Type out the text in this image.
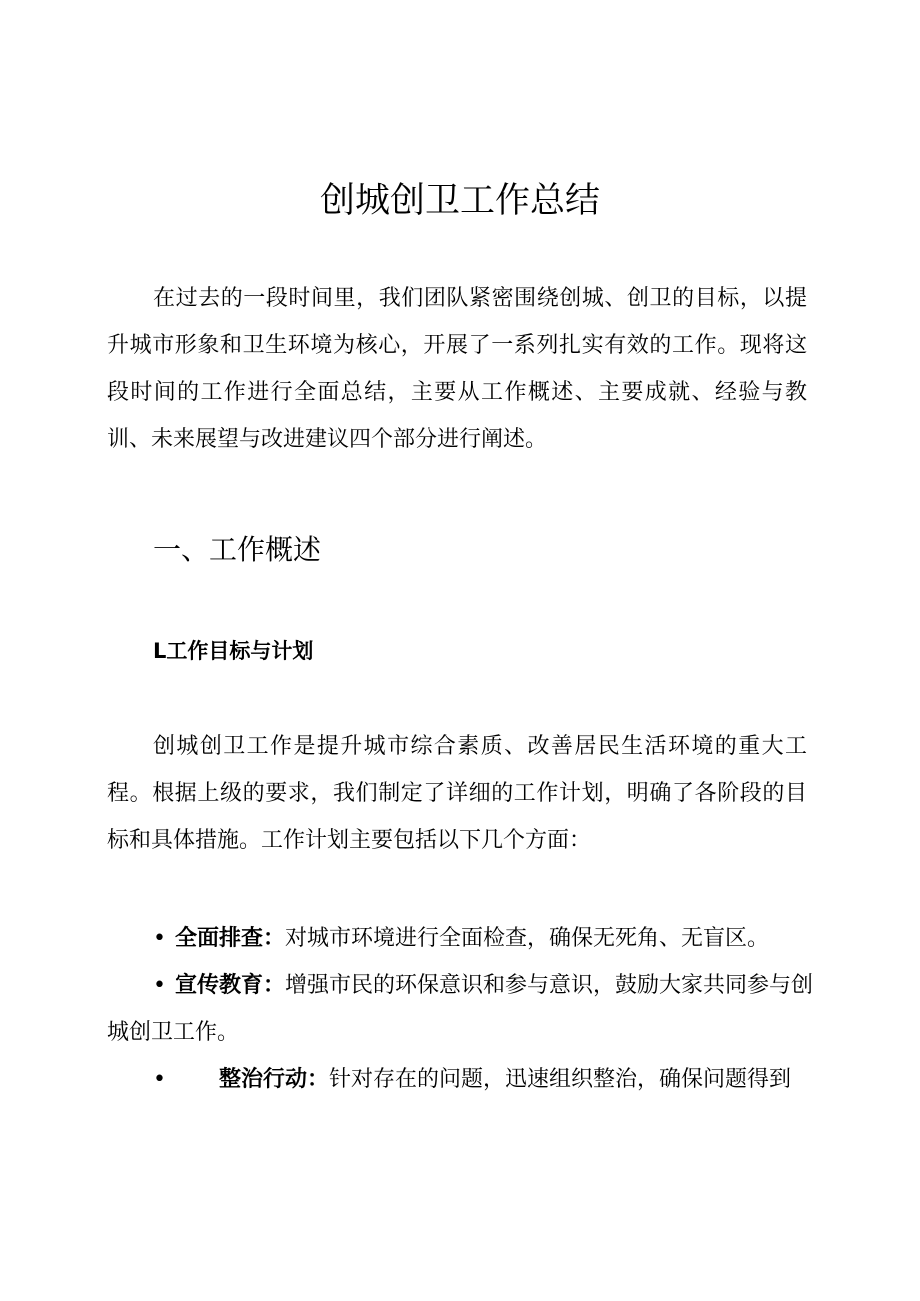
创城创卫工作总结

在过去的一段时间里，我们团队紧密围绕创城、创卫的目标，以提升城市形象和卫生环境为核心，开展了一系列扎实有效的工作。现将这段时间的工作进行全面总结，主要从工作概述、主要成就、经验与教训、未来展望与改进建议四个部分进行阐述。

一、工作概述
L工作目标与计划

创城创卫工作是提升城市综合素质、改善居民生活环境的重大工程。根据上级的要求，我们制定了详细的工作计划，明确了各阶段的目标和具体措施。工作计划主要包括以下几个方面：

• 全面排查：对城市环境进行全面检查，确保无死角、无盲区。
• 宣传教育：增强市民的环保意识和参与意识，鼓励大家共同参与创城创卫工作。
• 整治行动：针对存在的问题，迅速组织整治，确保问题得到
